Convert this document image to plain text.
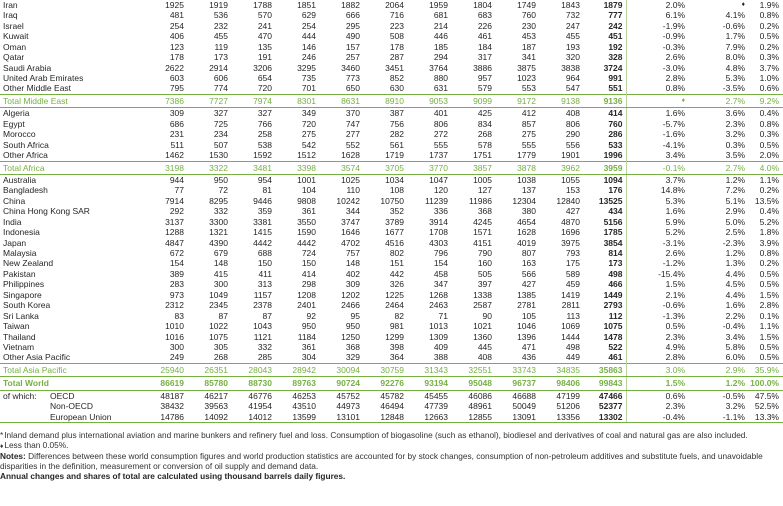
Iran	1925	1919	1788	1851	1882	2064	1959	1804	1749	1843	1879	2.0%	♦	1.9%
Iraq	481	536	570	629	666	716	681	683	760	732	777	6.1%	4.1%	0.8%
Israel	254	232	241	254	295	223	214	226	230	247	242	-1.9%	-0.6%	0.2%
Kuwait	406	455	470	444	490	508	446	461	453	455	451	-0.9%	1.7%	0.5%
Oman	123	119	135	146	157	178	185	184	187	193	192	-0.3%	7.9%	0.2%
Qatar	178	173	191	246	257	287	294	317	341	320	328	2.6%	8.0%	0.3%
Saudi Arabia	2622	2914	3206	3295	3460	3451	3764	3886	3875	3838	3724	-3.0%	4.8%	3.7%
United Arab Emirates	603	606	654	735	773	852	880	957	1023	964	991	2.8%	5.3%	1.0%
Other Middle East	795	774	720	701	650	630	631	579	553	547	551	0.8%	-3.5%	0.6%
Total Middle East	7386	7727	7974	8301	8631	8910	9053	9099	9172	9138	9136	♦	2.7%	9.2%
Algeria	309	327	327	349	370	387	401	425	412	408	414	1.6%	3.6%	0.4%
Egypt	686	725	766	720	747	756	806	834	857	806	760	-5.7%	2.3%	0.8%
Morocco	231	234	258	275	277	282	272	268	275	290	286	-1.6%	3.2%	0.3%
South Africa	511	507	538	542	552	561	555	578	555	556	533	-4.1%	0.3%	0.5%
Other Africa	1462	1530	1592	1512	1628	1719	1737	1751	1779	1901	1996	3.4%	3.5%	2.0%
Total Africa	3198	3322	3481	3398	3574	3705	3770	3857	3878	3962	3959	-0.1%	2.7%	4.0%
Australia	944	950	954	1001	1025	1034	1047	1005	1038	1055	1094	3.7%	1.2%	1.1%
Bangladesh	77	72	81	104	110	108	120	127	137	153	176	14.8%	7.2%	0.2%
China	7914	8295	9446	9808	10242	10750	11239	11986	12304	12840	13525	5.3%	5.1%	13.5%
China Hong Kong SAR	292	332	359	361	344	352	336	368	380	427	434	1.6%	2.9%	0.4%
India	3137	3300	3381	3550	3747	3789	3914	4245	4654	4870	5156	5.9%	5.0%	5.2%
Indonesia	1288	1321	1415	1590	1646	1677	1708	1571	1628	1696	1785	5.2%	2.5%	1.8%
Japan	4847	4390	4442	4442	4702	4516	4303	4151	4019	3975	3854	-3.1%	-2.3%	3.9%
Malaysia	672	679	688	724	757	802	796	790	807	793	814	2.6%	1.2%	0.8%
New Zealand	154	148	150	150	148	151	154	160	163	175	173	-1.2%	1.3%	0.2%
Pakistan	389	415	411	414	402	442	458	505	566	589	498	-15.4%	4.4%	0.5%
Philippines	283	300	313	298	309	326	347	397	427	459	466	1.5%	4.5%	0.5%
Singapore	973	1049	1157	1208	1202	1225	1268	1338	1385	1419	1449	2.1%	4.4%	1.5%
South Korea	2312	2345	2378	2401	2466	2464	2463	2587	2781	2811	2793	-0.6%	1.6%	2.8%
Sri Lanka	83	87	87	92	95	82	71	90	105	113	112	-1.3%	2.2%	0.1%
Taiwan	1010	1022	1043	950	950	981	1013	1021	1046	1069	1075	0.5%	-0.4%	1.1%
Thailand	1016	1075	1121	1184	1250	1299	1309	1360	1396	1444	1478	2.3%	3.4%	1.5%
Vietnam	300	305	332	361	368	398	409	445	471	498	522	4.9%	5.8%	0.5%
Other Asia Pacific	249	268	285	304	329	364	388	408	436	449	461	2.8%	6.0%	0.5%
Total Asia Pacific	25940	26351	28043	28942	30094	30759	31343	32551	33743	34835	35863	3.0%	2.9%	35.9%
Total World	86619	85780	88730	89763	90724	92276	93194	95048	96737	98406	99843	1.5%	1.2%	100.0%
of which: OECD	48187	46217	46776	46253	45752	45782	45455	46086	46688	47199	47466	0.6%	-0.5%	47.5%
Non-OECD	38432	39563	41954	43510	44973	46494	47739	48961	50049	51206	52377	2.3%	3.2%	52.5%
European Union	14786	14092	14012	13599	13101	12848	12663	12855	13091	13356	13302	-0.4%	-1.1%	13.3%

*Inland demand plus international aviation and marine bunkers and refinery fuel and loss. Consumption of biogasoline (such as ethanol), biodiesel and derivatives of coal and natural gas are also included.

♦Less than 0.05%.

Notes: Differences between these world consumption figures and world production statistics are accounted for by stock changes, consumption of non-petroleum additives and substitute fuels, and unavoidable disparities in the definition, measurement or conversion of oil supply and demand data.

Annual changes and shares of total are calculated using thousand barrels daily figures.
